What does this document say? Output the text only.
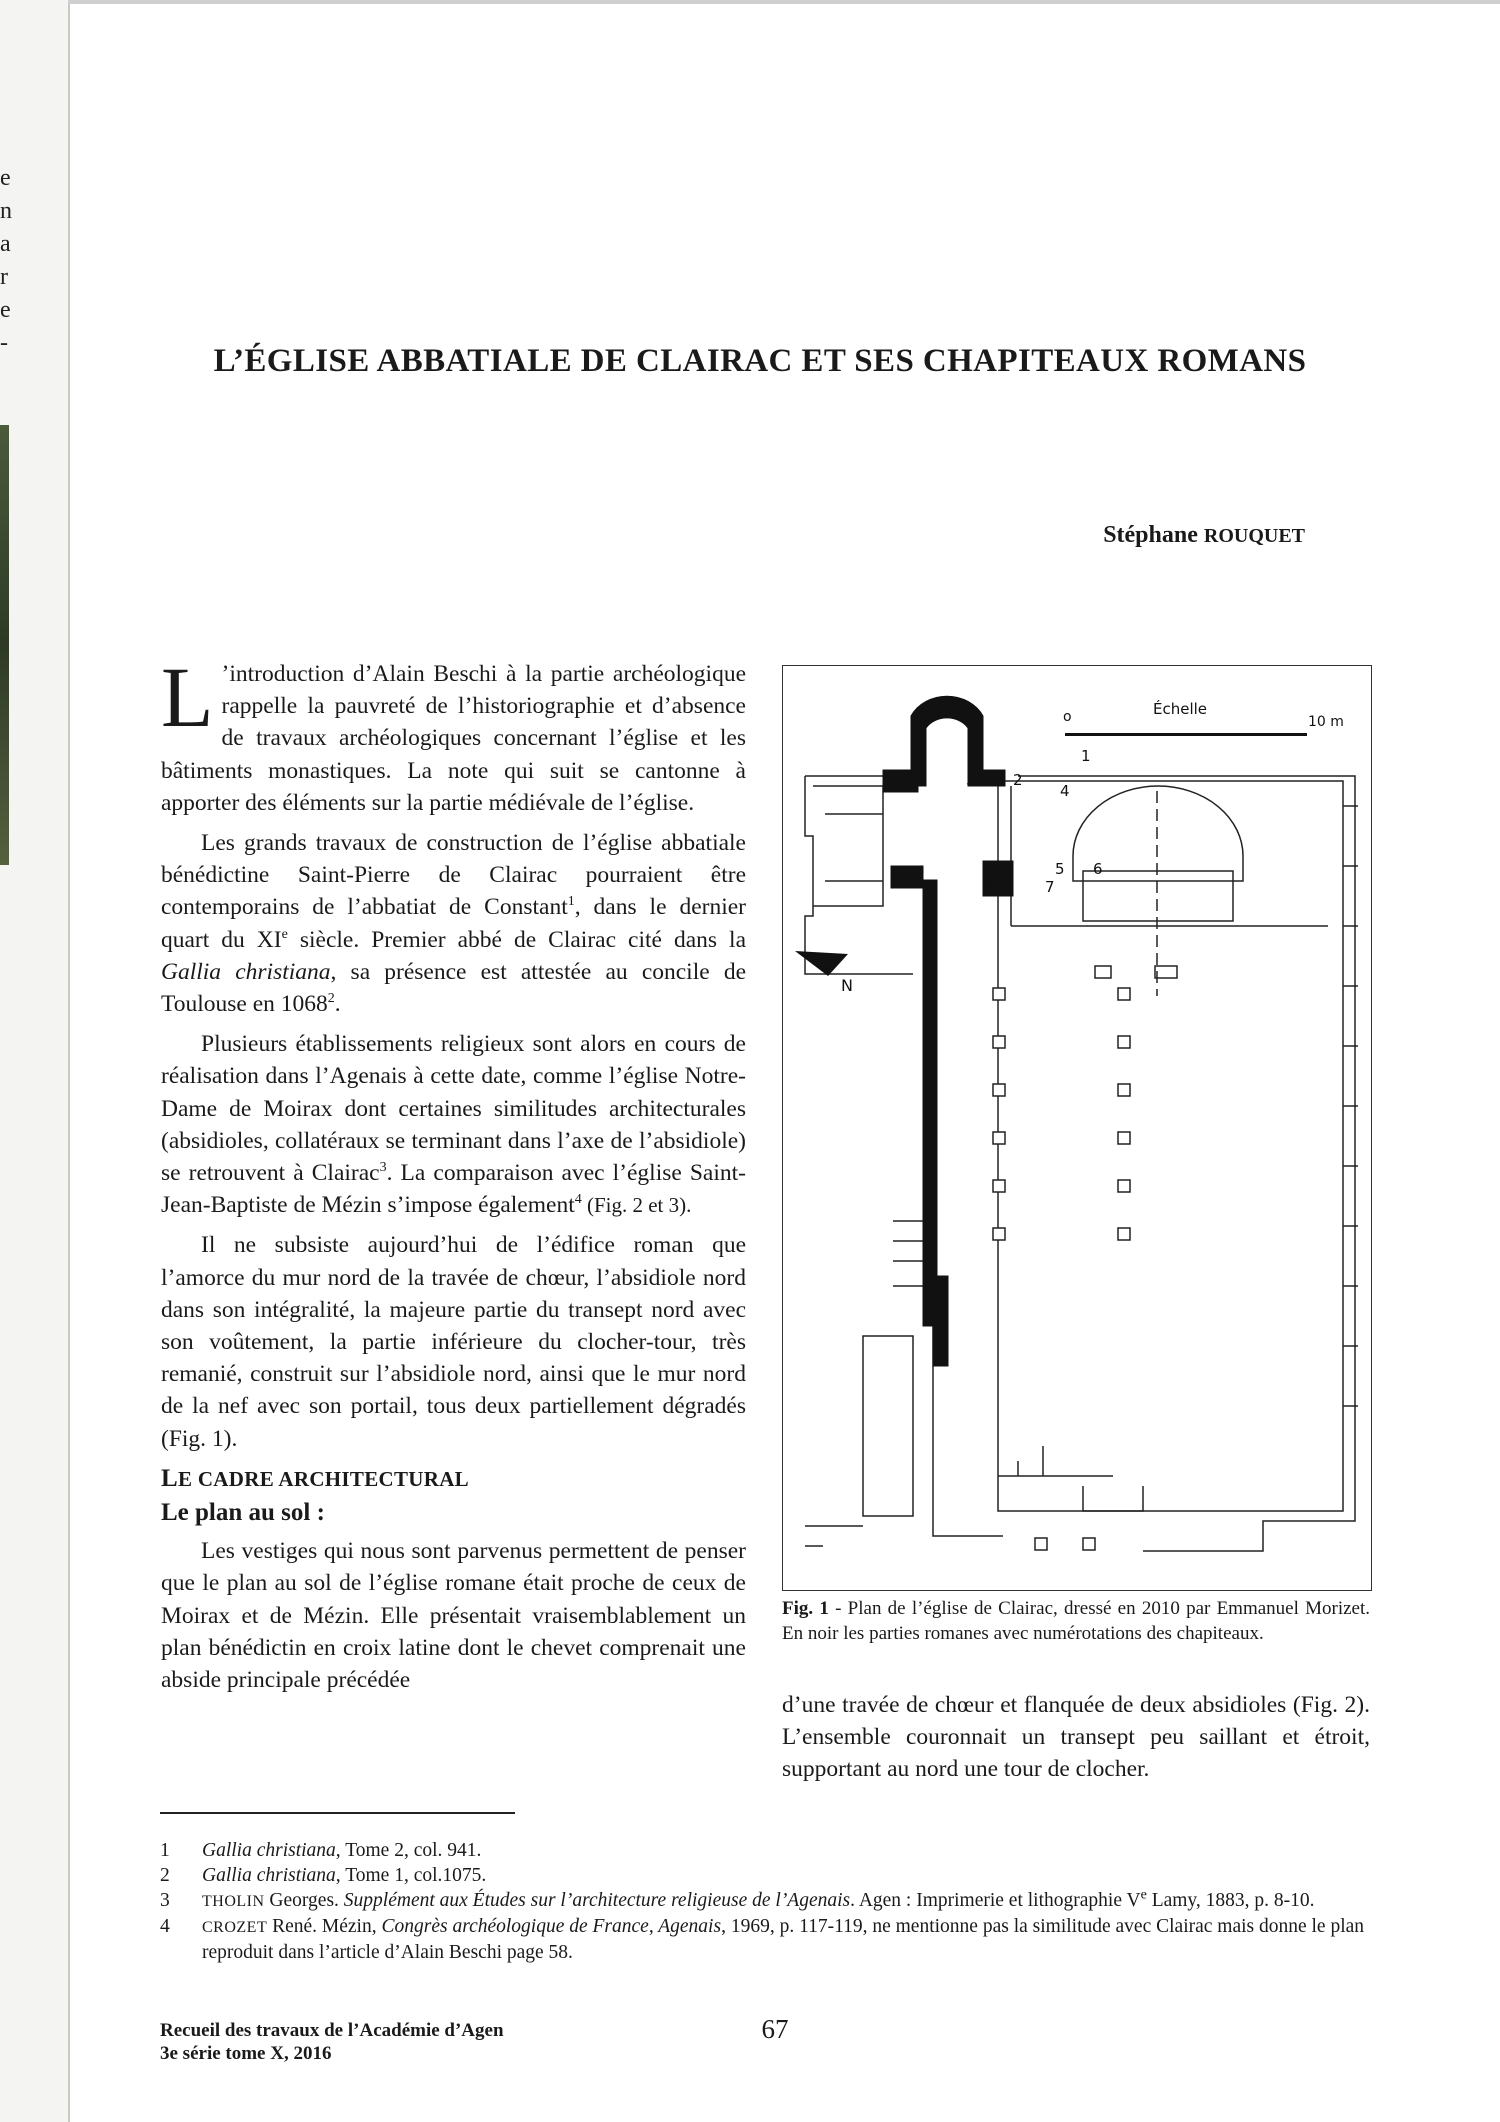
e
n
a
r
e
-	L’ÉGLISE ABBATIALE DE CLAIRAC ET SES CHAPITEAUX ROMANS
Stéphane ROUQUET

L ’introduction d’Alain Beschi à la partie archéologique rappelle la pauvreté de l’historiographie et d’absence de travaux archéologiques concernant l’église et les bâtiments monastiques. La note qui suit se cantonne à apporter des éléments sur la partie médiévale de l’église.

Les grands travaux de construction de l’église abbatiale bénédictine Saint-Pierre de Clairac pourraient être contemporains de l’abbatiat de Constant$^1$, dans le dernier quart du XIe siècle. Premier abbé de Clairac cité dans la Gallia christiana, sa présence est attestée au concile de Toulouse en 1068$^2$.

Plusieurs établissements religieux sont alors en cours de réalisation dans l’Agenais à cette date, comme l’église Notre-Dame de Moirax dont certaines similitudes architecturales (absidioles, collatéraux se terminant dans l’axe de l’absidiole) se retrouvent à Clairac$^3$. La comparaison avec l’église Saint-Jean-Baptiste de Mézin s’impose également$^4$ (Fig. 2 et 3).

Il ne subsiste aujourd’hui de l’édifice roman que l’amorce du mur nord de la travée de chœur, l’absidiole nord dans son intégralité, la majeure partie du transept nord avec son voûtement, la partie inférieure du clocher-tour, très remanié, construit sur l’absidiole nord, ainsi que le mur nord de la nef avec son portail, tous deux partiellement dégradés (Fig. 1).

LE CADRE ARCHITECTURAL
Le plan au sol :

Les vestiges qui nous sont parvenus permettent de penser que le plan au sol de l’église romane était proche de ceux de Moirax et de Mézin. Elle présentait vraisemblablement un plan bénédictin en croix latine dont le chevet comprenait une abside principale précédée

N
o	Échelle
10 m
1
2
3
4
5 6
7
8
Fig. 1 - Plan de l’église de Clairac, dressé en 2010 par Emmanuel Morizet. En noir les parties romanes avec numérotations des chapiteaux.

d’une travée de chœur et flanquée de deux absidioles (Fig. 2). L’ensemble couronnait un transept peu saillant et étroit, supportant au nord une tour de clocher.

1	Gallia christiana, Tome 2, col. 941.

2	Gallia christiana, Tome 1, col.1075.

3	THOLIN Georges. Supplément aux Études sur l’architecture religieuse de l’Agenais. Agen : Imprimerie et lithographie Ve Lamy, 1883, p. 8-10.

4	CROZET René. Mézin, Congrès archéologique de France, Agenais, 1969, p. 117-119, ne mentionne pas la similitude avec Clairac mais donne le plan reproduit dans l’article d’Alain Beschi page 58.

Recueil des travaux de l’Académie d’Agen
3e série tome X, 2016
67
